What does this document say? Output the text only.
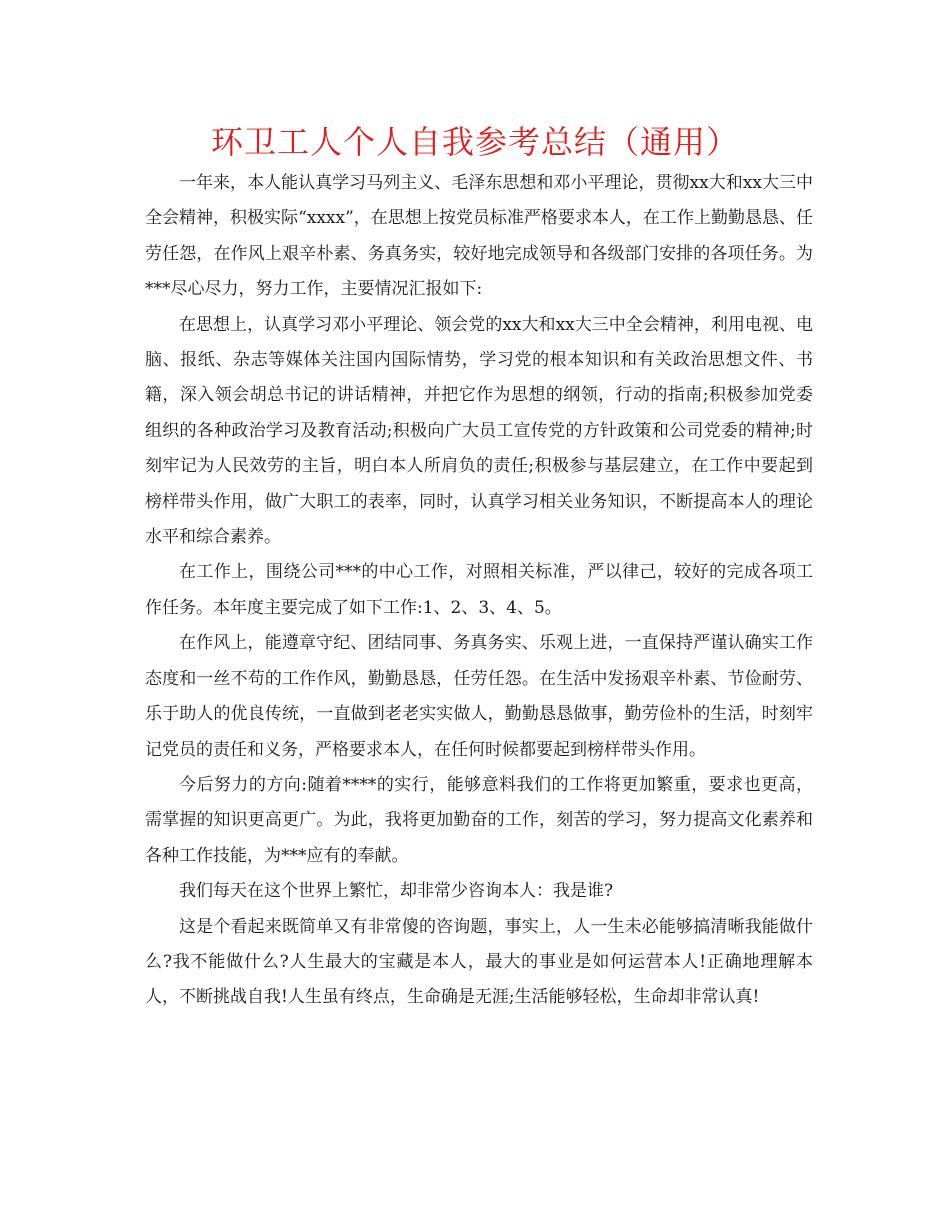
环卫工人个人自我参考总结（通用）

一年来，本人能认真学习马列主义、毛泽东思想和邓小平理论，贯彻xx大和xx大三中全会精神，积极实际“xxxx”，在思想上按党员标准严格要求本人，在工作上勤勤恳恳、任劳任怨，在作风上艰辛朴素、务真务实，较好地完成领导和各级部门安排的各项任务。为***尽心尽力，努力工作，主要情况汇报如下:

在思想上，认真学习邓小平理论、领会党的xx大和xx大三中全会精神，利用电视、电脑、报纸、杂志等媒体关注国内国际情势，学习党的根本知识和有关政治思想文件、书籍，深入领会胡总书记的讲话精神，并把它作为思想的纲领，行动的指南;积极参加党委组织的各种政治学习及教育活动;积极向广大员工宣传党的方针政策和公司党委的精神;时刻牢记为人民效劳的主旨，明白本人所肩负的责任;积极参与基层建立，在工作中要起到榜样带头作用，做广大职工的表率，同时，认真学习相关业务知识，不断提高本人的理论水平和综合素养。

在工作上，围绕公司***的中心工作，对照相关标准，严以律己，较好的完成各项工作任务。本年度主要完成了如下工作:1、2、3、4、5。

在作风上，能遵章守纪、团结同事、务真务实、乐观上进，一直保持严谨认确实工作态度和一丝不苟的工作作风，勤勤恳恳，任劳任怨。在生活中发扬艰辛朴素、节俭耐劳、乐于助人的优良传统，一直做到老老实实做人，勤勤恳恳做事，勤劳俭朴的生活，时刻牢记党员的责任和义务，严格要求本人，在任何时候都要起到榜样带头作用。

今后努力的方向:随着****的实行，能够意料我们的工作将更加繁重，要求也更高，需掌握的知识更高更广。为此，我将更加勤奋的工作，刻苦的学习，努力提高文化素养和各种工作技能，为***应有的奉献。

我们每天在这个世界上繁忙，却非常少咨询本人：我是谁?

这是个看起来既简单又有非常傻的咨询题，事实上，人一生未必能够搞清晰我能做什么?我不能做什么?人生最大的宝藏是本人，最大的事业是如何运营本人!正确地理解本人，不断挑战自我!人生虽有终点，生命确是无涯;生活能够轻松，生命却非常认真!
